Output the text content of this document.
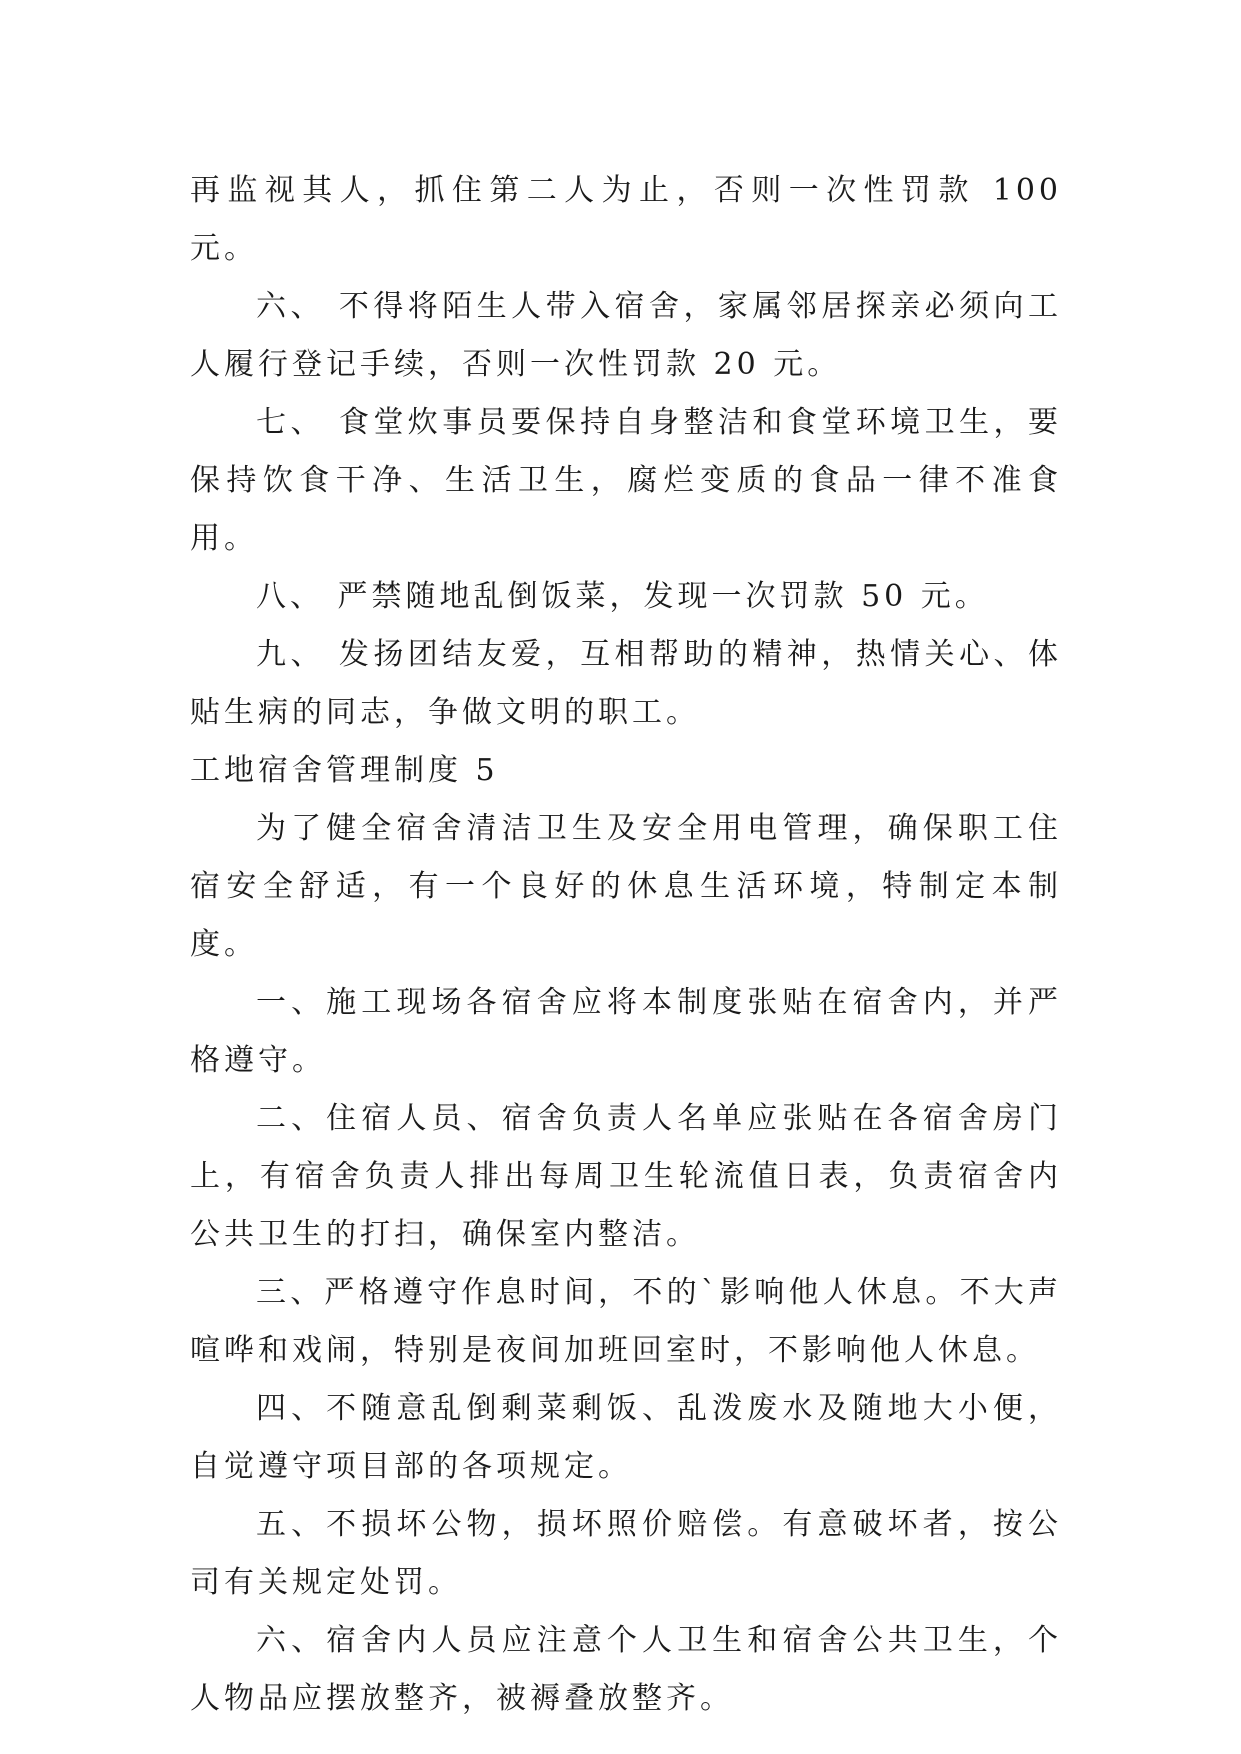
再监视其人，抓住第二人为止，否则一次性罚款 100 元。

六、 不得将陌生人带入宿舍，家属邻居探亲必须向工人履行登记手续，否则一次性罚款 20 元。

七、 食堂炊事员要保持自身整洁和食堂环境卫生，要保持饮食干净、生活卫生，腐烂变质的食品一律不准食用。

八、 严禁随地乱倒饭菜，发现一次罚款 50 元。

九、 发扬团结友爱，互相帮助的精神，热情关心、体贴生病的同志，争做文明的职工。

工地宿舍管理制度 5

为了健全宿舍清洁卫生及安全用电管理，确保职工住宿安全舒适，有一个良好的休息生活环境，特制定本制度。

一、施工现场各宿舍应将本制度张贴在宿舍内，并严格遵守。

二、住宿人员、宿舍负责人名单应张贴在各宿舍房门上，有宿舍负责人排出每周卫生轮流值日表，负责宿舍内公共卫生的打扫，确保室内整洁。

三、严格遵守作息时间，不的`影响他人休息。不大声喧哗和戏闹，特别是夜间加班回室时，不影响他人休息。

四、不随意乱倒剩菜剩饭、乱泼废水及随地大小便，自觉遵守项目部的各项规定。

五、不损坏公物，损坏照价赔偿。有意破坏者，按公司有关规定处罚。

六、宿舍内人员应注意个人卫生和宿舍公共卫生，个人物品应摆放整齐，被褥叠放整齐。
